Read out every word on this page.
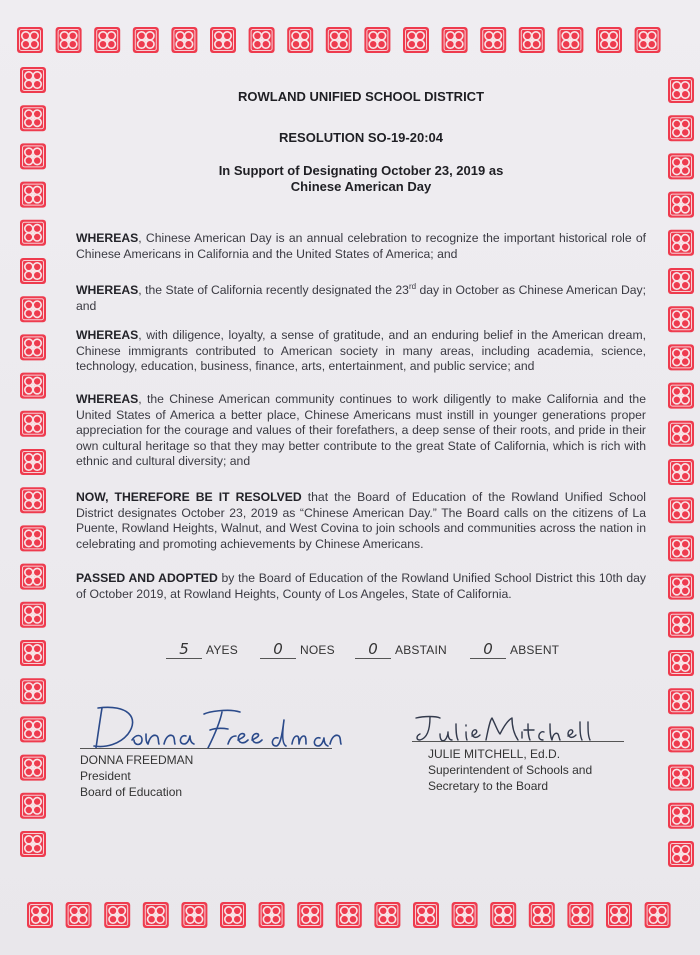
ROWLAND UNIFIED SCHOOL DISTRICT
RESOLUTION SO-19-20:04
In Support of Designating October 23, 2019 as
Chinese American Day
WHEREAS, Chinese American Day is an annual celebration to recognize the important historical role of Chinese Americans in California and the United States of America; and
WHEREAS, the State of California recently designated the 23rd day in October as Chinese American Day; and
WHEREAS, with diligence, loyalty, a sense of gratitude, and an enduring belief in the American dream, Chinese immigrants contributed to American society in many areas, including academia, science, technology, education, business, finance, arts, entertainment, and public service; and
WHEREAS, the Chinese American community continues to work diligently to make California and the United States of America a better place, Chinese Americans must instill in younger generations proper appreciation for the courage and values of their forefathers, a deep sense of their roots, and pride in their own cultural heritage so that they may better contribute to the great State of California, which is rich with ethnic and cultural diversity; and
NOW, THEREFORE BE IT RESOLVED that the Board of Education of the Rowland Unified School District designates October 23, 2019 as “Chinese American Day.” The Board calls on the citizens of La Puente, Rowland Heights, Walnut, and West Covina to join schools and communities across the nation in celebrating and promoting achievements by Chinese Americans.
PASSED AND ADOPTED by the Board of Education of the Rowland Unified School District this 10th day of October 2019, at Rowland Heights, County of Los Angeles, State of California.
5 AYES	0 NOES	0 ABSTAIN	0 ABSENT
DONNA FREEDMAN
President
Board of Education
JULIE MITCHELL, Ed.D.
Superintendent of Schools and
Secretary to the Board
